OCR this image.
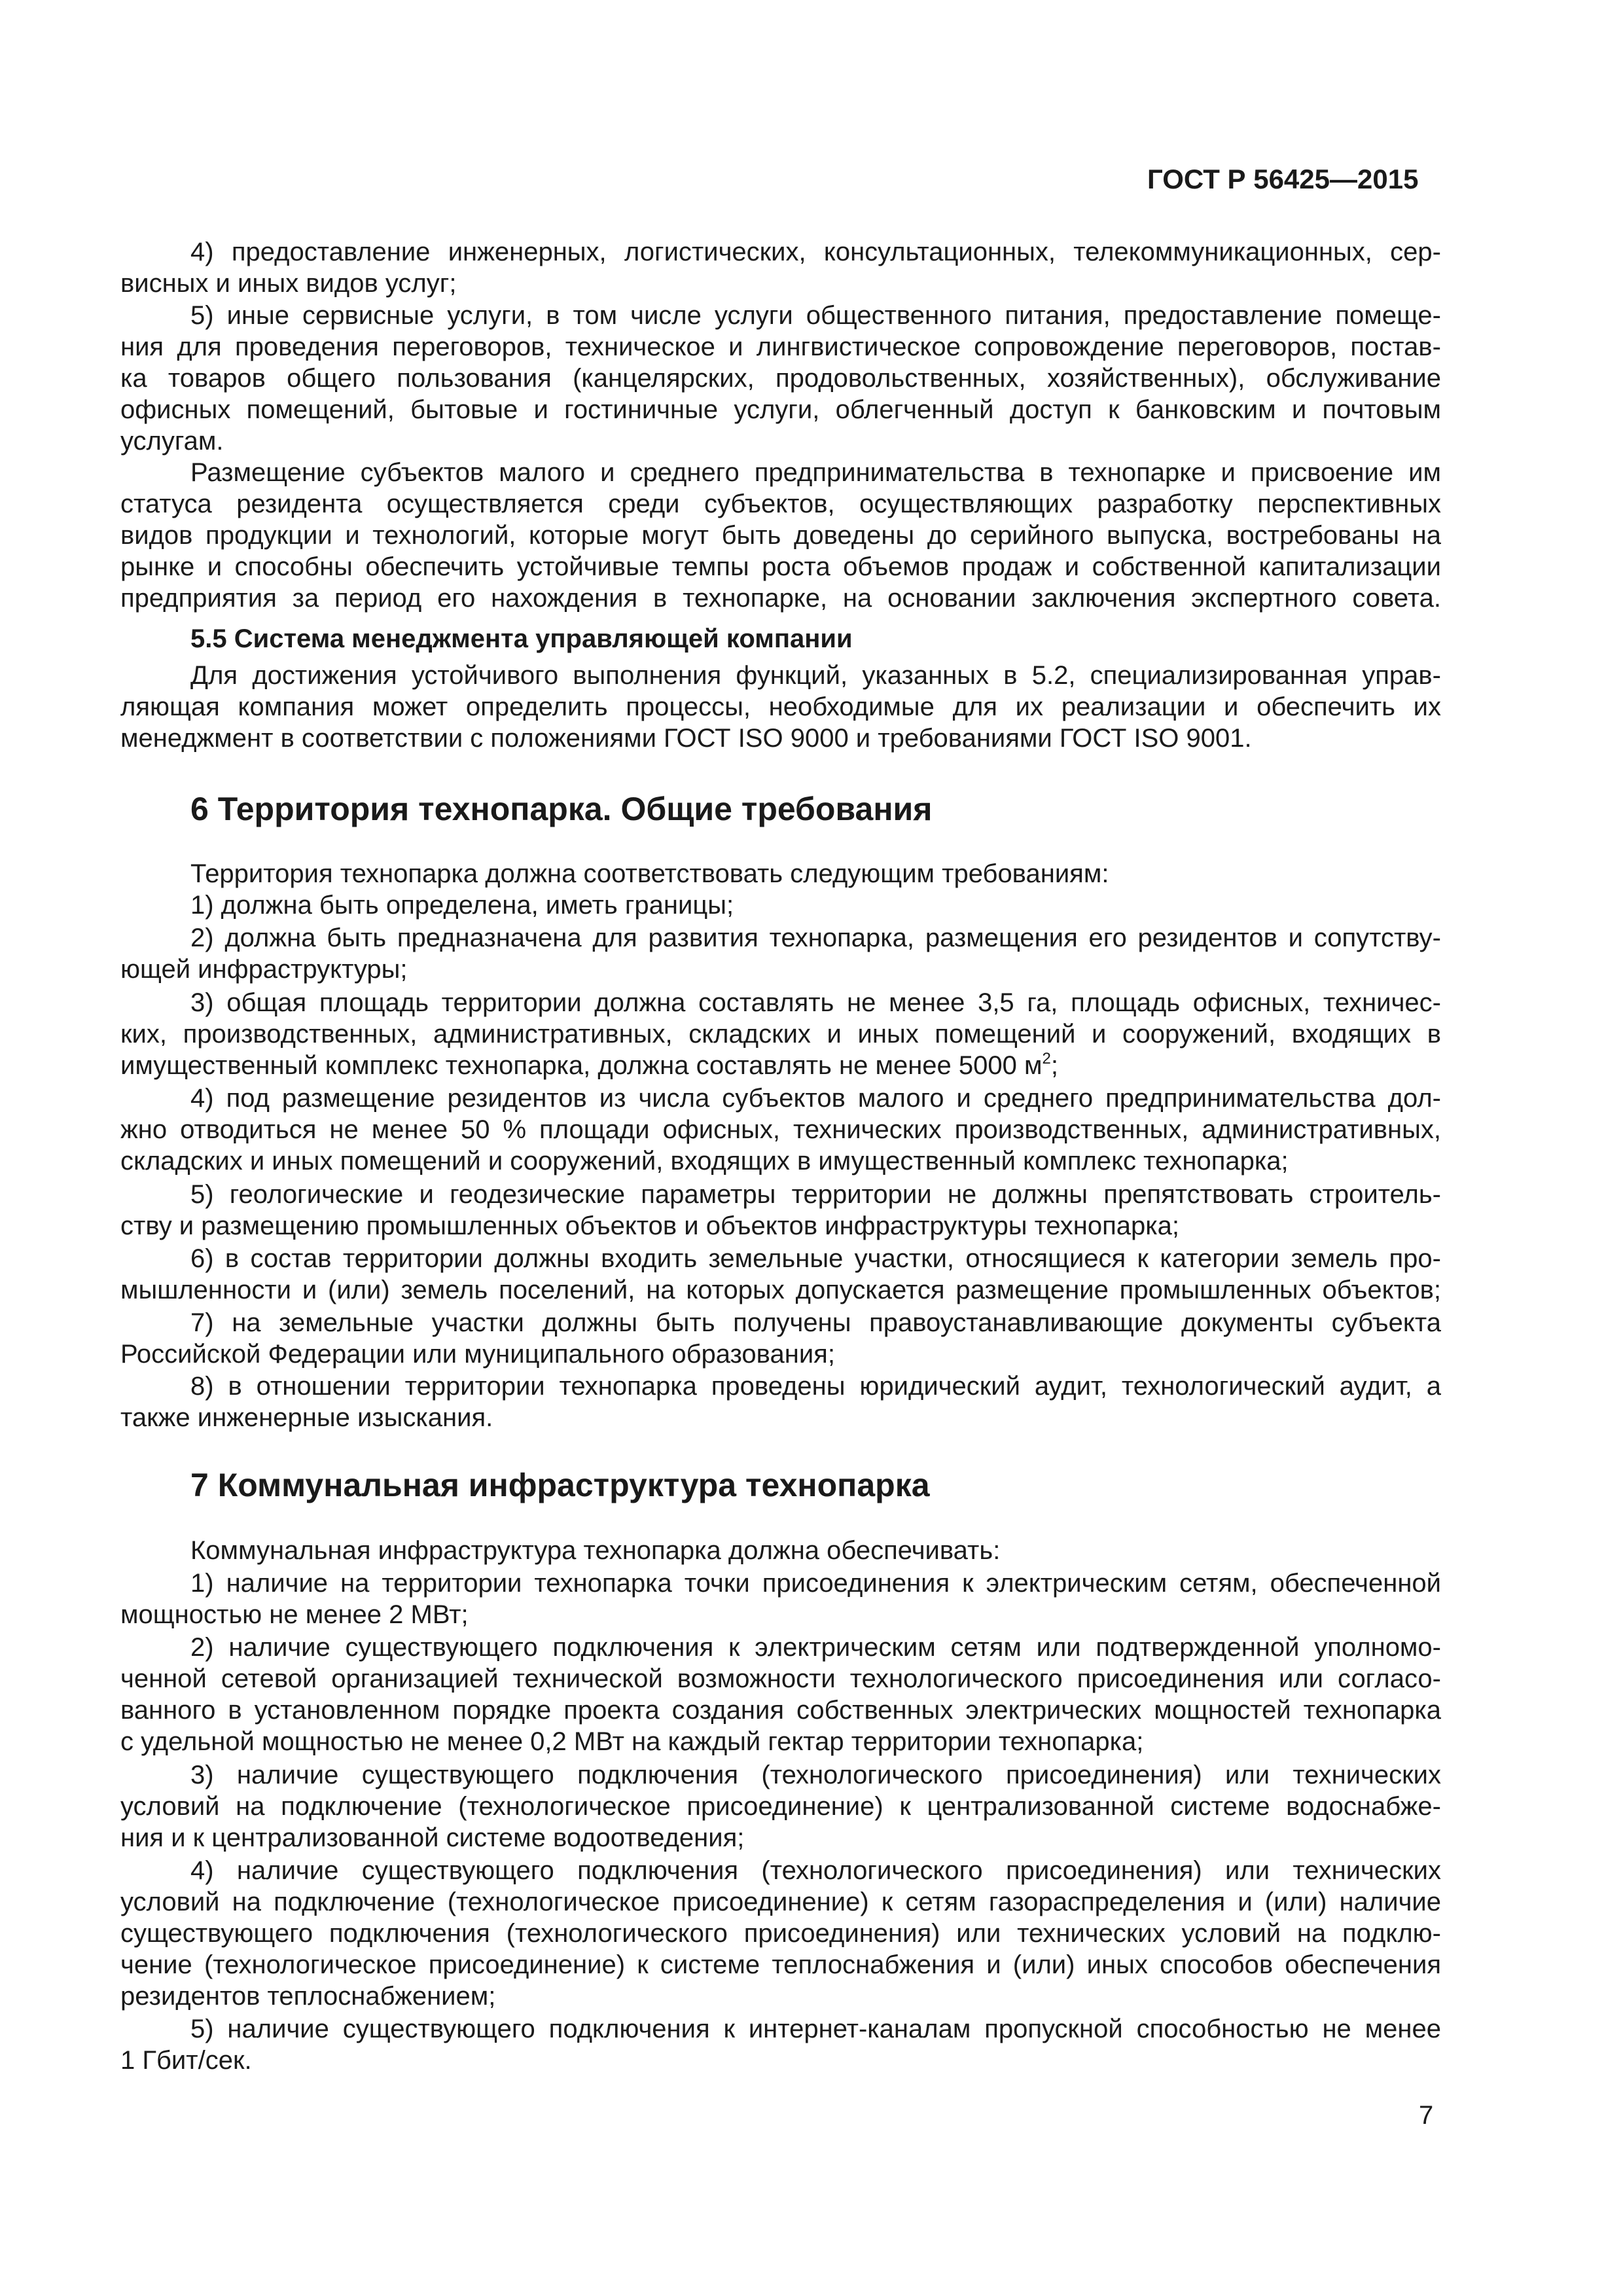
ГОСТ Р 56425—2015
4) предоставление инженерных, логистических, консультационных, телекоммуникационных, сер-
висных и иных видов услуг;
5) иные сервисные услуги, в том числе услуги общественного питания, предоставление помеще-
ния для проведения переговоров, техническое и лингвистическое сопровождение переговоров, постав-
ка товаров общего пользования (канцелярских, продовольственных, хозяйственных), обслуживание
офисных помещений, бытовые и гостиничные услуги, облегченный доступ к банковским и почтовым
услугам.
Размещение субъектов малого и среднего предпринимательства в технопарке и присвоение им
статуса резидента осуществляется среди субъектов, осуществляющих разработку перспективных
видов продукции и технологий, которые могут быть доведены до серийного выпуска, востребованы на
рынке и способны обеспечить устойчивые темпы роста объемов продаж и собственной капитализации
предприятия за период его нахождения в технопарке, на основании заключения экспертного совета.
5.5 Система менеджмента управляющей компании
Для достижения устойчивого выполнения функций, указанных в 5.2, специализированная управ-
ляющая компания может определить процессы, необходимые для их реализации и обеспечить их
менеджмент в соответствии с положениями ГОСТ ISO 9000 и требованиями ГОСТ ISO 9001.
6 Территория технопарка. Общие требования
Территория технопарка должна соответствовать следующим требованиям:
1) должна быть определена, иметь границы;
2) должна быть предназначена для развития технопарка, размещения его резидентов и сопутству-
ющей инфраструктуры;
3) общая площадь территории должна составлять не менее 3,5 га, площадь офисных, техничес-
ких, производственных, административных, складских и иных помещений и сооружений, входящих в
имущественный комплекс технопарка, должна составлять не менее 5000 $м^2$;
4) под размещение резидентов из числа субъектов малого и среднего предпринимательства дол-
жно отводиться не менее 50 % площади офисных, технических производственных, административных,
складских и иных помещений и сооружений, входящих в имущественный комплекс технопарка;
5) геологические и геодезические параметры территории не должны препятствовать строитель-
ству и размещению промышленных объектов и объектов инфраструктуры технопарка;
6) в состав территории должны входить земельные участки, относящиеся к категории земель про-
мышленности и (или) земель поселений, на которых допускается размещение промышленных объектов;
7) на земельные участки должны быть получены правоустанавливающие документы субъекта
Российской Федерации или муниципального образования;
8) в отношении территории технопарка проведены юридический аудит, технологический аудит, а
также инженерные изыскания.
7 Коммунальная инфраструктура технопарка
Коммунальная инфраструктура технопарка должна обеспечивать:
1) наличие на территории технопарка точки присоединения к электрическим сетям, обеспеченной
мощностью не менее 2 МВт;
2) наличие существующего подключения к электрическим сетям или подтвержденной уполномо-
ченной сетевой организацией технической возможности технологического присоединения или согласо-
ванного в установленном порядке проекта создания собственных электрических мощностей технопарка
с удельной мощностью не менее 0,2 МВт на каждый гектар территории технопарка;
3) наличие существующего подключения (технологического присоединения) или технических
условий на подключение (технологическое присоединение) к централизованной системе водоснабже-
ния и к централизованной системе водоотведения;
4) наличие существующего подключения (технологического присоединения) или технических
условий на подключение (технологическое присоединение) к сетям газораспределения и (или) наличие
существующего подключения (технологического присоединения) или технических условий на подклю-
чение (технологическое присоединение) к системе теплоснабжения и (или) иных способов обеспечения
резидентов теплоснабжением;
5) наличие существующего подключения к интернет-каналам пропускной способностью не менее
1 Гбит/сек.
7
